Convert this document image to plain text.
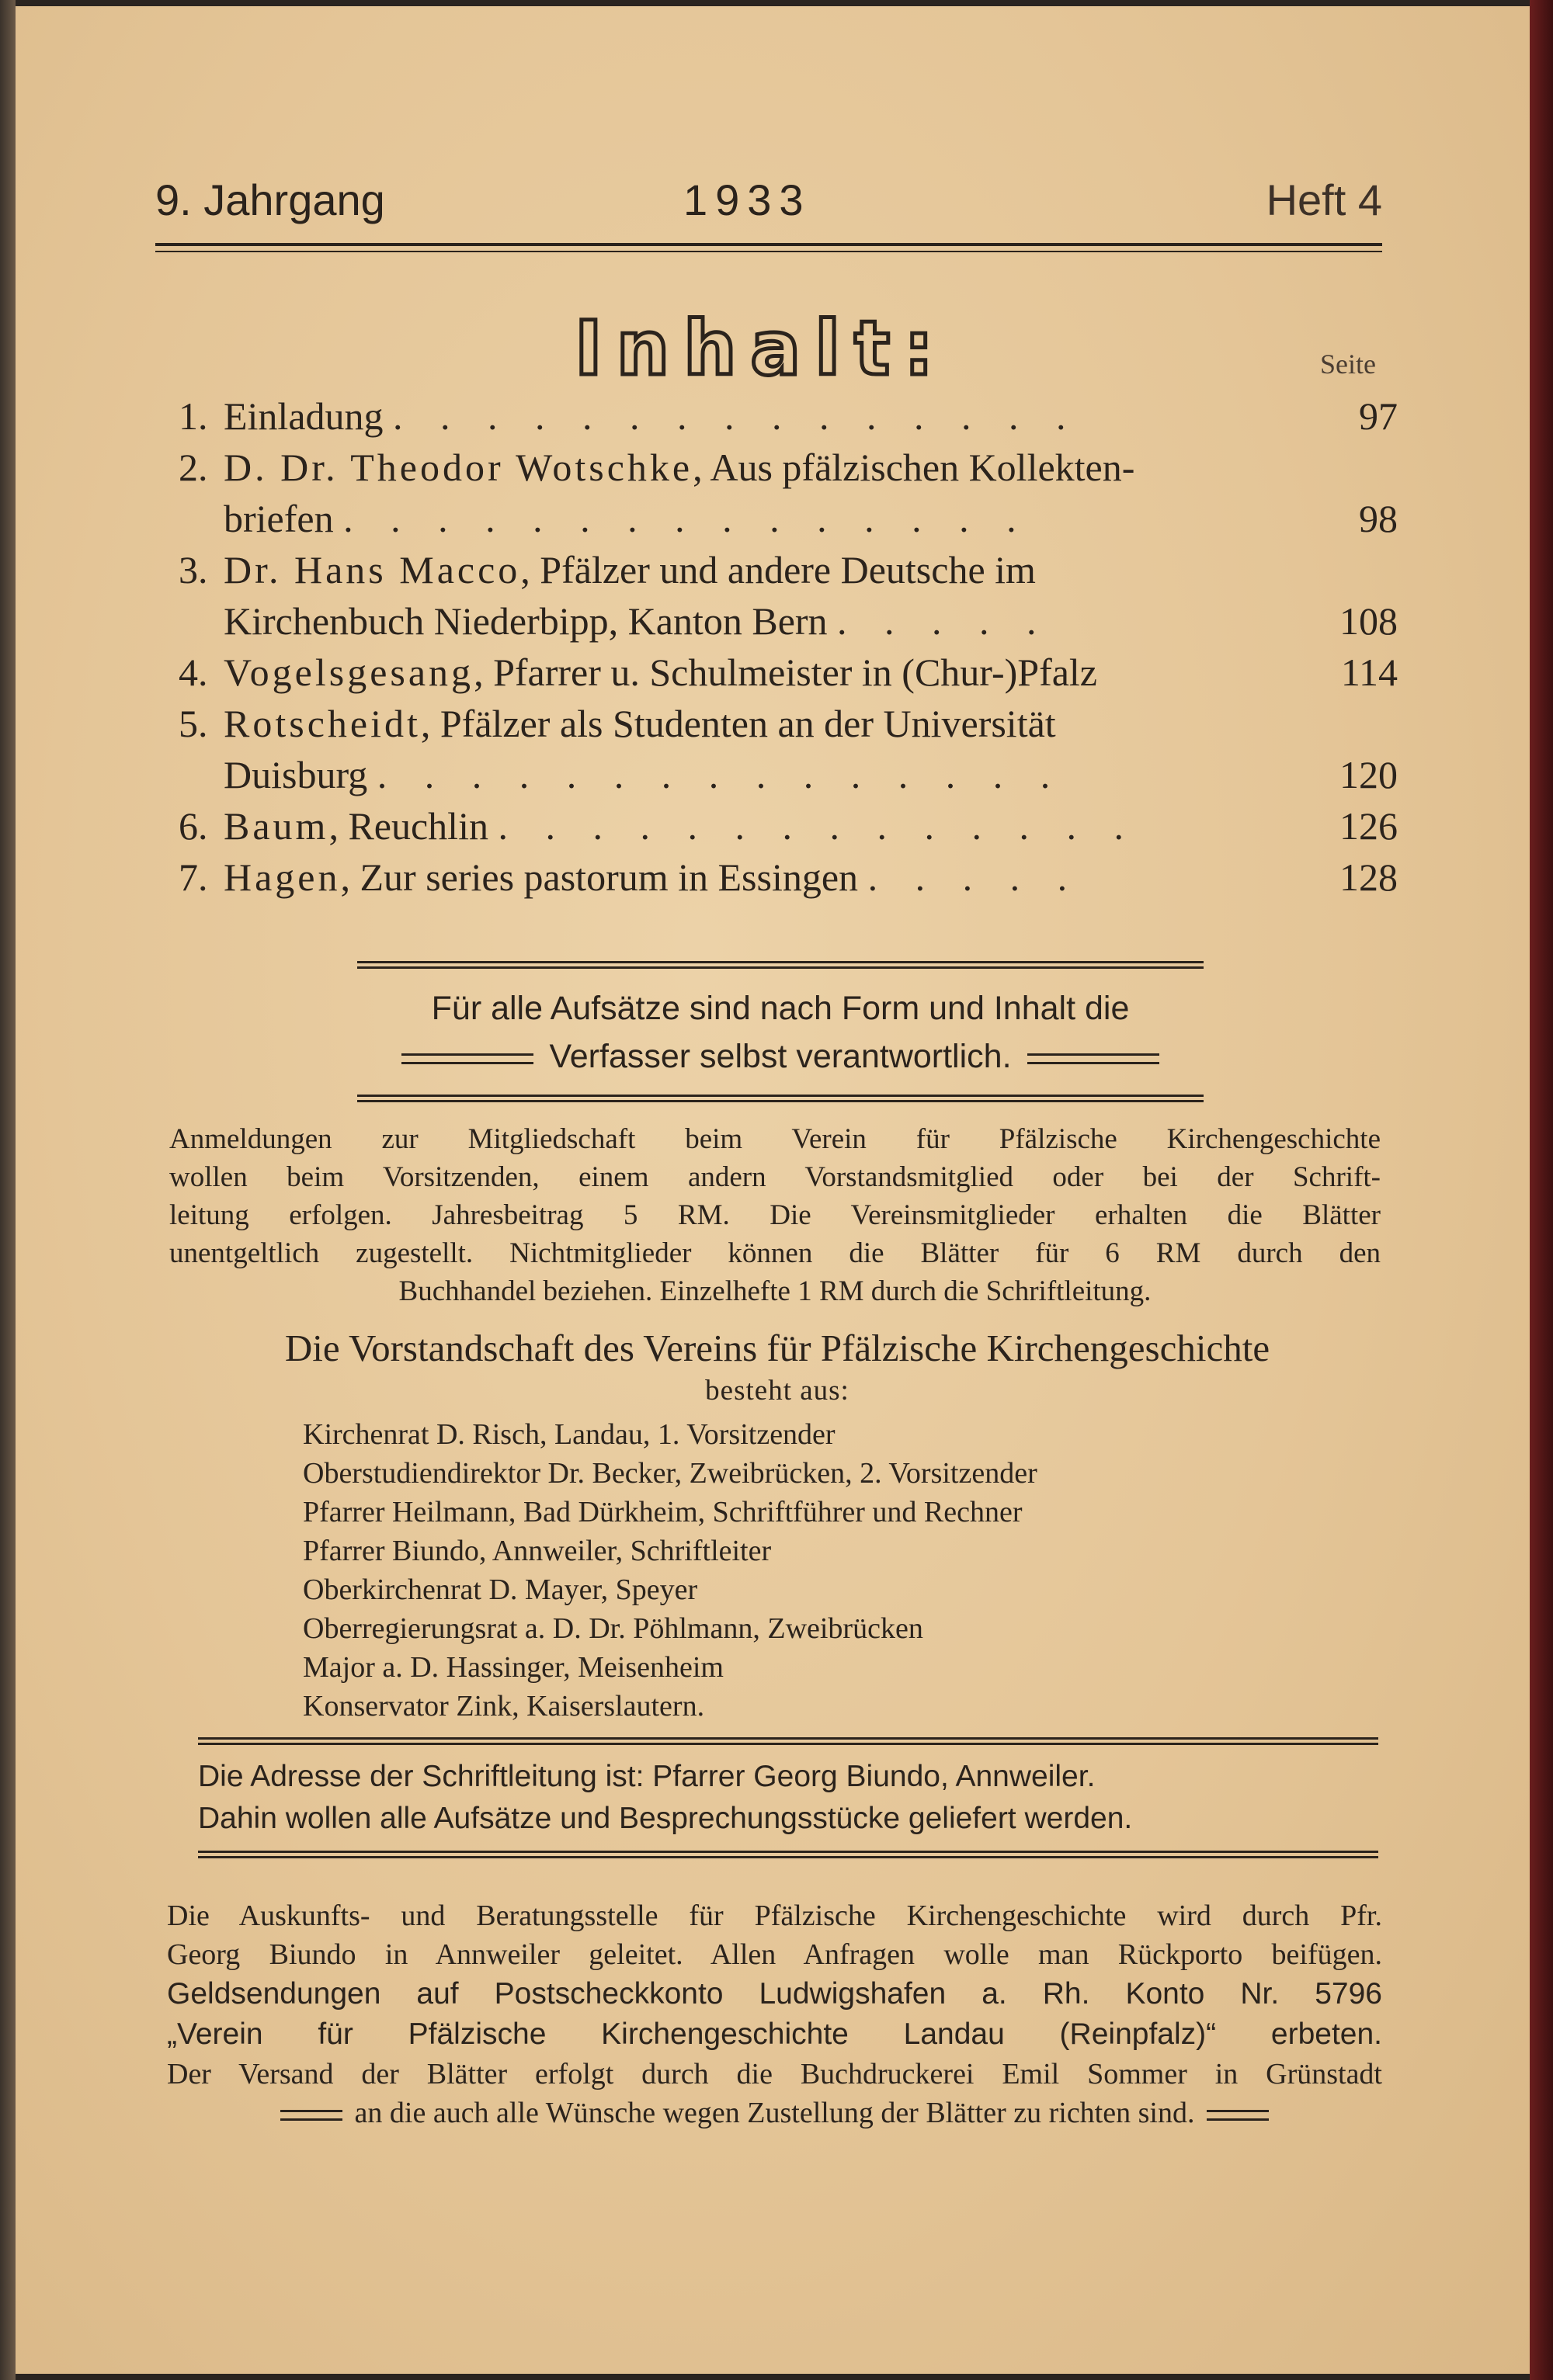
9. Jahrgang	1933	Heft 4
Inhalt:	Seite
1. Einladung . . . . . . . . . . . . . . .	97
2. D. Dr. Theodor Wotschke, Aus pfälzischen Kollekten-
briefen . . . . . . . . . . . . . . .	98
3. Dr. Hans Macco, Pfälzer und andere Deutsche im
Kirchenbuch Niederbipp, Kanton Bern . . . . .	108
4. Vogelsgesang, Pfarrer u. Schulmeister in (Chur-)Pfalz	114
5. Rotscheidt, Pfälzer als Studenten an der Universität
Duisburg . . . . . . . . . . . . . . .	120
6. Baum, Reuchlin . . . . . . . . . . . . . .	126
7. Hagen, Zur series pastorum in Essingen . . . . .	128
Für alle Aufsätze sind nach Form und Inhalt die
Verfasser selbst verantwortlich.
Anmeldungen zur Mitgliedschaft beim Verein für Pfälzische Kirchengeschichte
wollen beim Vorsitzenden, einem andern Vorstandsmitglied oder bei der Schrift-
leitung erfolgen. Jahresbeitrag 5 RM. Die Vereinsmitglieder erhalten die Blätter
unentgeltlich zugestellt. Nichtmitglieder können die Blätter für 6 RM durch den
Buchhandel beziehen. Einzelhefte 1 RM durch die Schriftleitung.
Die Vorstandschaft des Vereins für Pfälzische Kirchengeschichte
besteht aus:
Kirchenrat D. Risch, Landau, 1. Vorsitzender
Oberstudiendirektor Dr. Becker, Zweibrücken, 2. Vorsitzender
Pfarrer Heilmann, Bad Dürkheim, Schriftführer und Rechner
Pfarrer Biundo, Annweiler, Schriftleiter
Oberkirchenrat D. Mayer, Speyer
Oberregierungsrat a. D. Dr. Pöhlmann, Zweibrücken
Major a. D. Hassinger, Meisenheim
Konservator Zink, Kaiserslautern.
Die Adresse der Schriftleitung ist: Pfarrer Georg Biundo, Annweiler.
Dahin wollen alle Aufsätze und Besprechungsstücke geliefert werden.
Die Auskunfts- und Beratungsstelle für Pfälzische Kirchengeschichte wird durch Pfr.
Georg Biundo in Annweiler geleitet. Allen Anfragen wolle man Rückporto beifügen.
Geldsendungen auf Postscheckkonto Ludwigshafen a. Rh. Konto Nr. 5796
„Verein für Pfälzische Kirchengeschichte Landau (Reinpfalz)“ erbeten.
Der Versand der Blätter erfolgt durch die Buchdruckerei Emil Sommer in Grünstadt
an die auch alle Wünsche wegen Zustellung der Blätter zu richten sind.
